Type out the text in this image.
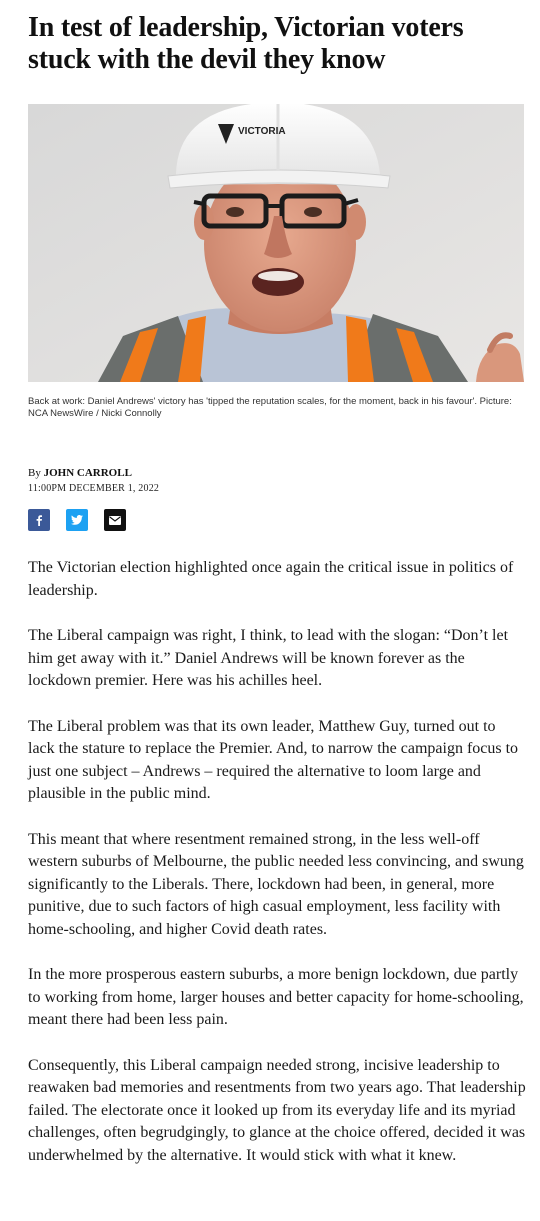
In test of leadership, Victorian voters stuck with the devil they know
VICTORIA
Back at work: Daniel Andrews' victory has 'tipped the reputation scales, for the moment, back in his favour'. Picture: NCA NewsWire / Nicki Connolly
By JOHN CARROLL
11:00PM DECEMBER 1, 2022

The Victorian election highlighted once again the critical issue in politics of leadership.

The Liberal campaign was right, I think, to lead with the slogan: “Don’t let him get away with it.” Daniel Andrews will be known forever as the lockdown premier. Here was his achilles heel.

The Liberal problem was that its own leader, Matthew Guy, turned out to lack the stature to replace the Premier. And, to narrow the campaign focus to just one subject – Andrews – required the alternative to loom large and plausible in the public mind.

This meant that where resentment remained strong, in the less well-off western suburbs of Melbourne, the public needed less convincing, and swung significantly to the Liberals. There, lockdown had been, in general, more punitive, due to such factors of high casual employment, less facility with home-schooling, and higher Covid death rates.

In the more prosperous eastern suburbs, a more benign lockdown, due partly to working from home, larger houses and better capacity for home-schooling, meant there had been less pain.

Consequently, this Liberal campaign needed strong, incisive leadership to reawaken bad memories and resentments from two years ago. That leadership failed. The electorate once it looked up from its everyday life and its myriad challenges, often begrudgingly, to glance at the choice offered, decided it was underwhelmed by the alternative. It would stick with what it knew.
